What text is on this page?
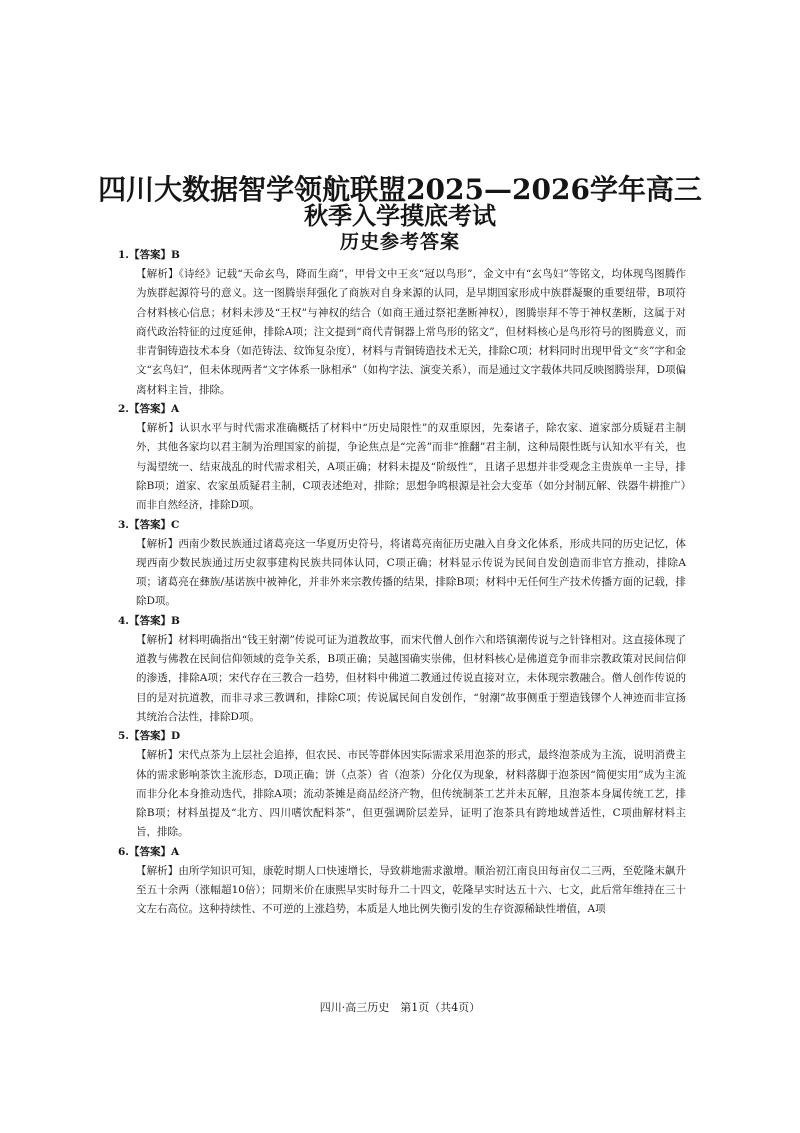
四川大数据智学领航联盟2025—2026学年高三
秋季入学摸底考试
历史参考答案
1.【答案】B
【解析】《诗经》记载“天命玄鸟，降而生商”，甲骨文中王亥“冠以鸟形”，金文中有“玄鸟妇”等铭文，均体现鸟图腾作为族群起源符号的意义。这一图腾崇拜强化了商族对自身来源的认同，是早期国家形成中族群凝聚的重要纽带，B项符合材料核心信息；材料未涉及“王权”与神权的结合（如商王通过祭祀垄断神权），图腾崇拜不等于神权垄断，这属于对商代政治特征的过度延伸，排除A项；注文提到“商代青铜器上常鸟形的铭文”，但材料核心是鸟形符号的图腾意义，而非青铜铸造技术本身（如范铸法、纹饰复杂度），材料与青铜铸造技术无关，排除C项；材料同时出现甲骨文“亥”字和金文“玄鸟妇”，但未体现两者“文字体系一脉相承”（如构字法、演变关系），而是通过文字载体共同反映图腾崇拜，D项偏离材料主旨，排除。
2.【答案】A
【解析】认识水平与时代需求准确概括了材料中“历史局限性”的双重原因，先秦诸子，除农家、道家部分质疑君主制外，其他各家均以君主制为治理国家的前提，争论焦点是“完善”而非“推翻”君主制，这种局限性既与认知水平有关，也与渴望统一、结束战乱的时代需求相关，A项正确；材料未提及“阶级性”，且诸子思想并非受观念主贵族单一主导，排除B项；道家、农家虽质疑君主制，C项表述绝对，排除；思想争鸣根源是社会大变革（如分封制瓦解、铁器牛耕推广）而非自然经济，排除D项。
3.【答案】C
【解析】西南少数民族通过诸葛亮这一华夏历史符号，将诸葛亮南征历史融入自身文化体系，形成共同的历史记忆，体现西南少数民族通过历史叙事建构民族共同体认同，C项正确；材料显示传说为民间自发创造而非官方推动，排除A项；诸葛亮在彝族/基诺族中被神化，并非外来宗教传播的结果，排除B项；材料中无任何生产技术传播方面的记载，排除D项。
4.【答案】B
【解析】材料明确指出“钱王射潮”传说可证为道教故事，而宋代僧人创作六和塔镇潮传说与之针锋相对。这直接体现了道教与佛教在民间信仰领域的竞争关系，B项正确；吴越国确实崇佛，但材料核心是佛道竞争而非宗教政策对民间信仰的渗透，排除A项；宋代存在三教合一趋势，但材料中佛道二教通过传说直接对立，未体现宗教融合。僧人创作传说的目的是对抗道教，而非寻求三教调和，排除C项；传说属民间自发创作，“射潮”故事侧重于塑造钱镠个人神迹而非宣扬其统治合法性，排除D项。
5.【答案】D
【解析】宋代点茶为上层社会追捧，但农民、市民等群体因实际需求采用泡茶的形式，最终泡茶成为主流，说明消费主体的需求影响茶饮主流形态，D项正确；饼（点茶）省（泡茶）分化仅为现象，材料落脚于泡茶因“简便实用”成为主流而非分化本身推动迭代，排除A项；流动茶摊是商品经济产物，但传统制茶工艺并未瓦解，且泡茶本身属传统工艺，排除B项；材料虽提及“北方、四川嗜饮配料茶”，但更强调阶层差异，证明了泡茶具有跨地域普适性，C项曲解材料主旨，排除。
6.【答案】A
【解析】由所学知识可知，康乾时期人口快速增长，导致耕地需求激增。顺治初江南良田每亩仅二三两，至乾隆末飙升至五十余两（涨幅超10倍）；同期米价在康熙早实时每升二十四文，乾隆早实时达五十六、七文，此后常年维持在三十文左右高位。这种持续性、不可逆的上涨趋势，本质是人地比例失衡引发的生存资源稀缺性增值，A项
四川·高三历史　第1页（共4页）
